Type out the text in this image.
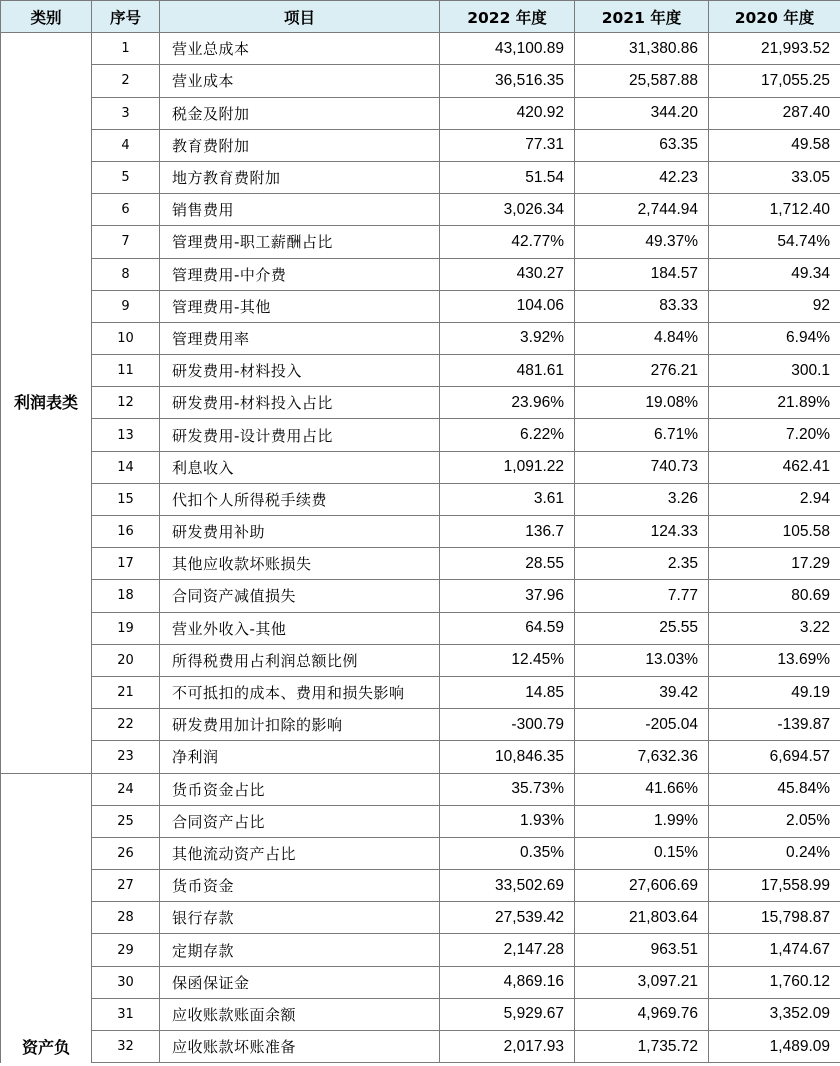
类别	序号	项目	2022 年度	2021 年度	2020 年度
利润表类	1	营业总成本	43,100.89	31,380.86	21,993.52
	2	营业成本	36,516.35	25,587.88	17,055.25
	3	税金及附加	420.92	344.20	287.40
	4	教育费附加	77.31	63.35	49.58
	5	地方教育费附加	51.54	42.23	33.05
	6	销售费用	3,026.34	2,744.94	1,712.40
	7	管理费用-职工薪酬占比	42.77%	49.37%	54.74%
	8	管理费用-中介费	430.27	184.57	49.34
	9	管理费用-其他	104.06	83.33	92
	10	管理费用率	3.92%	4.84%	6.94%
	11	研发费用-材料投入	481.61	276.21	300.1
	12	研发费用-材料投入占比	23.96%	19.08%	21.89%
	13	研发费用-设计费用占比	6.22%	6.71%	7.20%
	14	利息收入	1,091.22	740.73	462.41
	15	代扣个人所得税手续费	3.61	3.26	2.94
	16	研发费用补助	136.7	124.33	105.58
	17	其他应收款坏账损失	28.55	2.35	17.29
	18	合同资产减值损失	37.96	7.77	80.69
	19	营业外收入-其他	64.59	25.55	3.22
	20	所得税费用占利润总额比例	12.45%	13.03%	13.69%
	21	不可抵扣的成本、费用和损失影响	14.85	39.42	49.19
	22	研发费用加计扣除的影响	-300.79	-205.04	-139.87
	23	净利润	10,846.35	7,632.36	6,694.57
资产负	24	货币资金占比	35.73%	41.66%	45.84%
	25	合同资产占比	1.93%	1.99%	2.05%
	26	其他流动资产占比	0.35%	0.15%	0.24%
	27	货币资金	33,502.69	27,606.69	17,558.99
	28	银行存款	27,539.42	21,803.64	15,798.87
	29	定期存款	2,147.28	963.51	1,474.67
	30	保函保证金	4,869.16	3,097.21	1,760.12
	31	应收账款账面余额	5,929.67	4,969.76	3,352.09
	32	应收账款坏账准备	2,017.93	1,735.72	1,489.09
